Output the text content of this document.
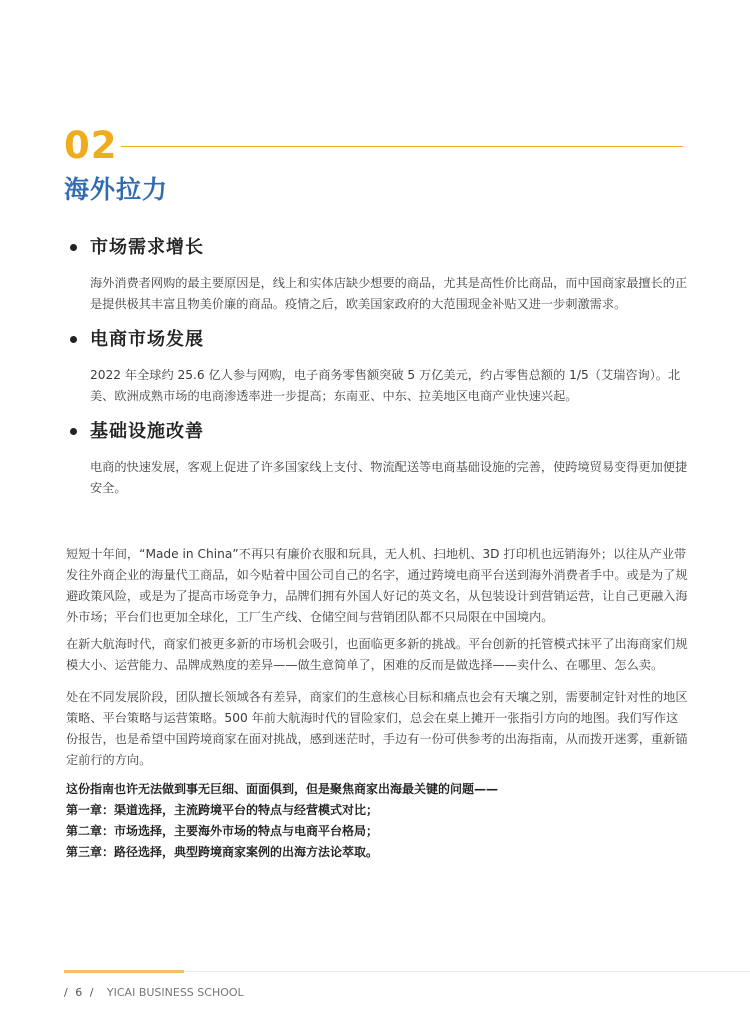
02
海外拉力
市场需求增长
海外消费者网购的最主要原因是，线上和实体店缺少想要的商品，尤其是高性价比商品，而中国商家最擅长的正是提供极其丰富且物美价廉的商品。疫情之后，欧美国家政府的大范围现金补贴又进一步刺激需求。
电商市场发展
2022 年全球约 25.6 亿人参与网购，电子商务零售额突破 5 万亿美元，约占零售总额的 1/5（艾瑞咨询）。北美、欧洲成熟市场的电商渗透率进一步提高；东南亚、中东、拉美地区电商产业快速兴起。
基础设施改善
电商的快速发展，客观上促进了许多国家线上支付、物流配送等电商基础设施的完善，使跨境贸易变得更加便捷安全。

短短十年间，“Made in China”不再只有廉价衣服和玩具，无人机、扫地机、3D 打印机也远销海外；以往从产业带发往外商企业的海量代工商品，如今贴着中国公司自己的名字，通过跨境电商平台送到海外消费者手中。或是为了规避政策风险，或是为了提高市场竞争力，品牌们拥有外国人好记的英文名，从包装设计到营销运营，让自己更融入海外市场；平台们也更加全球化，工厂生产线、仓储空间与营销团队都不只局限在中国境内。

在新大航海时代，商家们被更多新的市场机会吸引，也面临更多新的挑战。平台创新的托管模式抹平了出海商家们规模大小、运营能力、品牌成熟度的差异——做生意简单了，困难的反而是做选择——卖什么、在哪里、怎么卖。

处在不同发展阶段，团队擅长领域各有差异，商家们的生意核心目标和痛点也会有天壤之别，需要制定针对性的地区策略、平台策略与运营策略。500 年前大航海时代的冒险家们，总会在桌上摊开一张指引方向的地图。我们写作这份报告，也是希望中国跨境商家在面对挑战，感到迷茫时，手边有一份可供参考的出海指南，从而拨开迷雾，重新锚定前行的方向。

这份指南也许无法做到事无巨细、面面俱到，但是聚焦商家出海最关键的问题——
第一章：渠道选择，主流跨境平台的特点与经营模式对比；
第二章：市场选择，主要海外市场的特点与电商平台格局；
第三章：路径选择，典型跨境商家案例的出海方法论萃取。
/ 6 / YICAI BUSINESS SCHOOL
